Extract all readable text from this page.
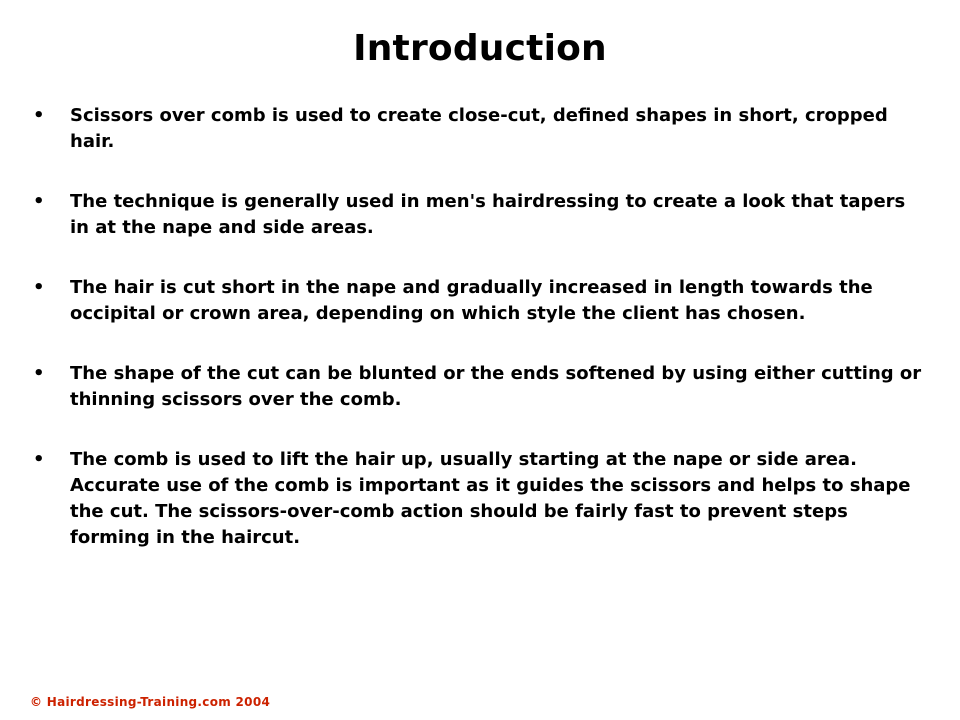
Introduction
• Scissors over comb is used to create close-cut, defined shapes in short, cropped hair.
• The technique is generally used in men's hairdressing to create a look that tapers in at the nape and side areas.
• The hair is cut short in the nape and gradually increased in length towards the occipital or crown area, depending on which style the client has chosen.
• The shape of the cut can be blunted or the ends softened by using either cutting or thinning scissors over the comb.
• The comb is used to lift the hair up, usually starting at the nape or side area. Accurate use of the comb is important as it guides the scissors and helps to shape the cut. The scissors-over-comb action should be fairly fast to prevent steps forming in the haircut.
© Hairdressing-Training.com 2004
